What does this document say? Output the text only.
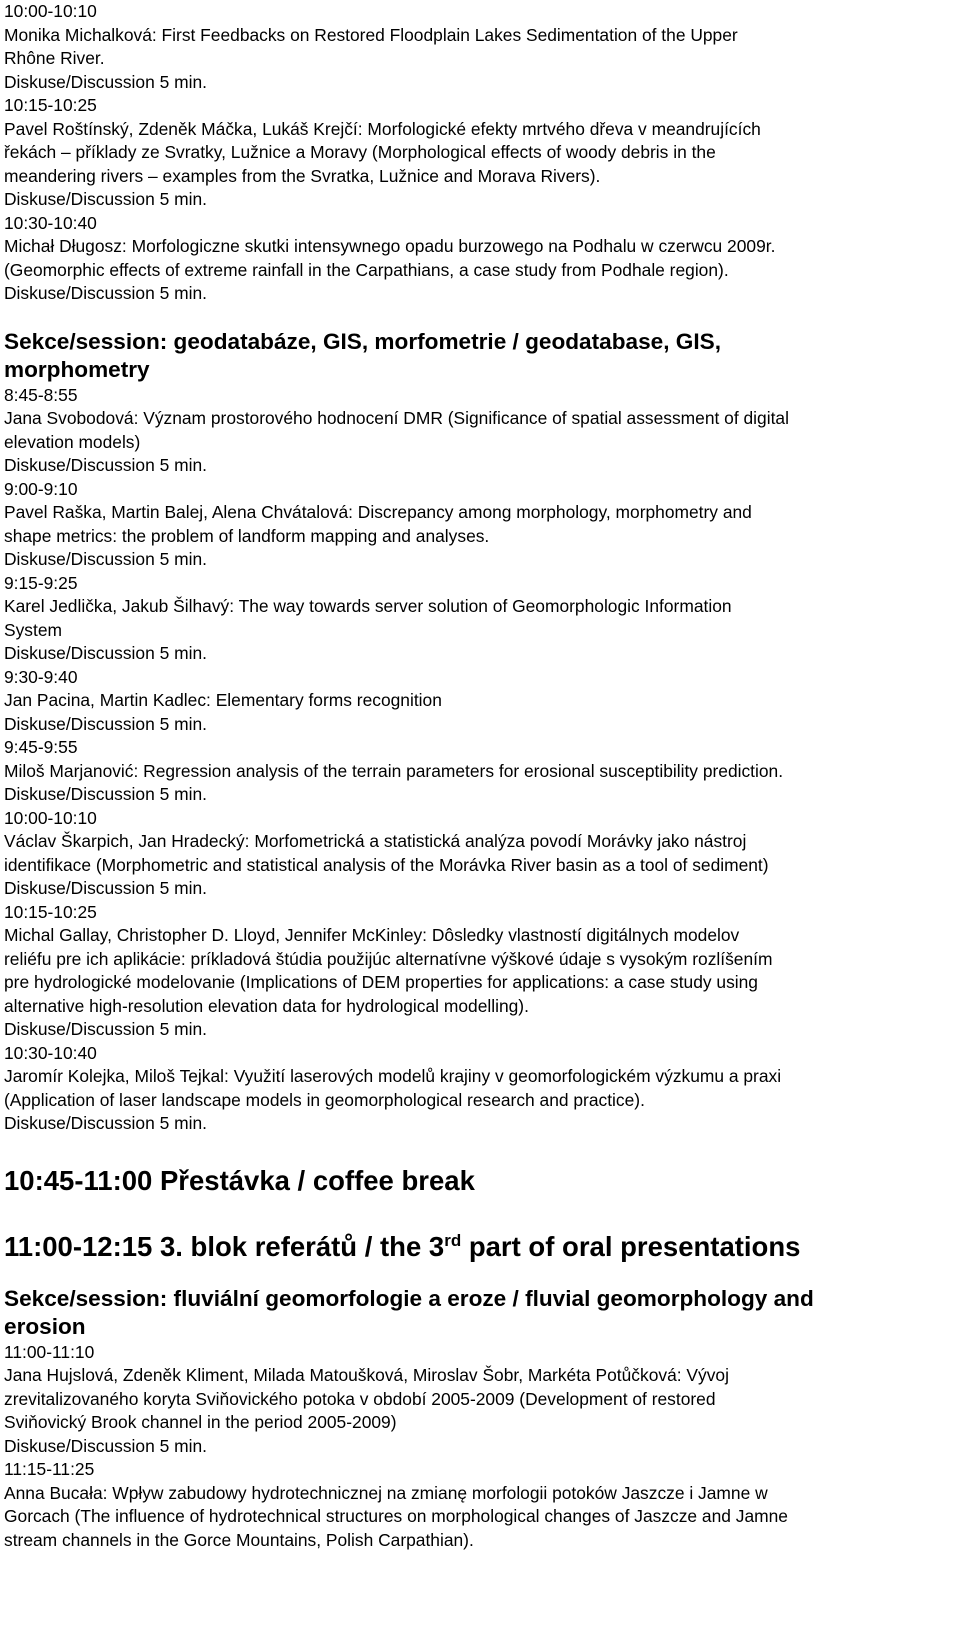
10:00-10:10
Monika Michalková: First Feedbacks on Restored Floodplain Lakes Sedimentation of the Upper
Rhône River.
Diskuse/Discussion 5 min.
10:15-10:25
Pavel Roštínský, Zdeněk Máčka, Lukáš Krejčí: Morfologické efekty mrtvého dřeva v meandrujících
řekách – příklady ze Svratky, Lužnice a Moravy (Morphological effects of woody debris in the
meandering rivers – examples from the Svratka, Lužnice and Morava Rivers).
Diskuse/Discussion 5 min.
10:30-10:40
Michał Długosz: Morfologiczne skutki intensywnego opadu burzowego na Podhalu w czerwcu 2009r.
(Geomorphic effects of extreme rainfall in the Carpathians, a case study from Podhale region).
Diskuse/Discussion 5 min.
Sekce/session: geodatabáze, GIS, morfometrie / geodatabase, GIS,
morphometry
8:45-8:55
Jana Svobodová: Význam prostorového hodnocení DMR (Significance of spatial assessment of digital
elevation models)
Diskuse/Discussion 5 min.
9:00-9:10
Pavel Raška, Martin Balej, Alena Chvátalová: Discrepancy among morphology, morphometry and
shape metrics: the problem of landform mapping and analyses.
Diskuse/Discussion 5 min.
9:15-9:25
Karel Jedlička, Jakub Šilhavý: The way towards server solution of Geomorphologic Information
System
Diskuse/Discussion 5 min.
9:30-9:40
Jan Pacina, Martin Kadlec: Elementary forms recognition
Diskuse/Discussion 5 min.
9:45-9:55
Miloš Marjanović: Regression analysis of the terrain parameters for erosional susceptibility prediction.
Diskuse/Discussion 5 min.
10:00-10:10
Václav Škarpich, Jan Hradecký: Morfometrická a statistická analýza povodí Morávky jako nástroj
identifikace (Morphometric and statistical analysis of the Morávka River basin as a tool of sediment)
Diskuse/Discussion 5 min.
10:15-10:25
Michal Gallay, Christopher D. Lloyd, Jennifer McKinley: Dôsledky vlastností digitálnych modelov
reliéfu pre ich aplikácie: príkladová štúdia použijúc alternatívne výškové údaje s vysokým rozlíšením
pre hydrologické modelovanie (Implications of DEM properties for applications: a case study using
alternative high-resolution elevation data for hydrological modelling).
Diskuse/Discussion 5 min.
10:30-10:40
Jaromír Kolejka, Miloš Tejkal: Využití laserových modelů krajiny v geomorfologickém výzkumu a praxi
(Application of laser landscape models in geomorphological research and practice).
Diskuse/Discussion 5 min.
10:45-11:00 Přestávka / coffee break
11:00-12:15 3. blok referátů / the 3rd part of oral presentations
Sekce/session: fluviální geomorfologie a eroze / fluvial geomorphology and
erosion
11:00-11:10
Jana Hujslová, Zdeněk Kliment, Milada Matoušková, Miroslav Šobr, Markéta Potůčková: Vývoj
zrevitalizovaného koryta Sviňovického potoka v období 2005-2009 (Development of restored
Sviňovický Brook channel in the period 2005-2009)
Diskuse/Discussion 5 min.
11:15-11:25
Anna Bucała: Wpływ zabudowy hydrotechnicznej na zmianę morfologii potoków Jaszcze i Jamne w
Gorcach (The influence of hydrotechnical structures on morphological changes of Jaszcze and Jamne
stream channels in the Gorce Mountains, Polish Carpathian).
